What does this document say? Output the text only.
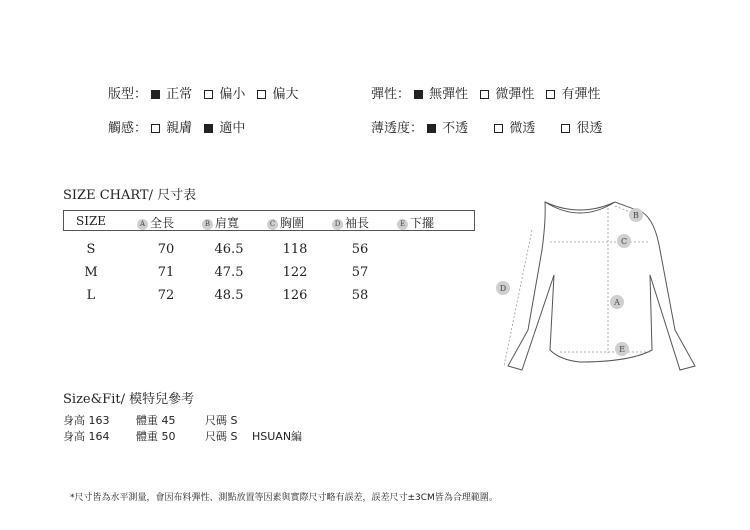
版型： 正常 偏小 偏大	彈性： 無彈性 微彈性 有彈性
觸感： 親膚 適中	薄透度： 不透	微透	很透
SIZE CHART/ 尺寸表
SIZE	A 全長	B 肩寬	C 胸圍	D 袖長	E 下擺
S	70	46.5	118	56
M	71	47.5	122	57
L	72	48.5	126	58
B
C
D
A
E
Size&Fit/ 模特兒參考
身高 163 體重 45	尺碼 S
身高 164 體重 50	尺碼 S HSUAN編
*尺寸皆為水平測量，會因布料彈性、測點放置等因素與實際尺寸略有誤差，誤差尺寸±3CM皆為合理範圍。
